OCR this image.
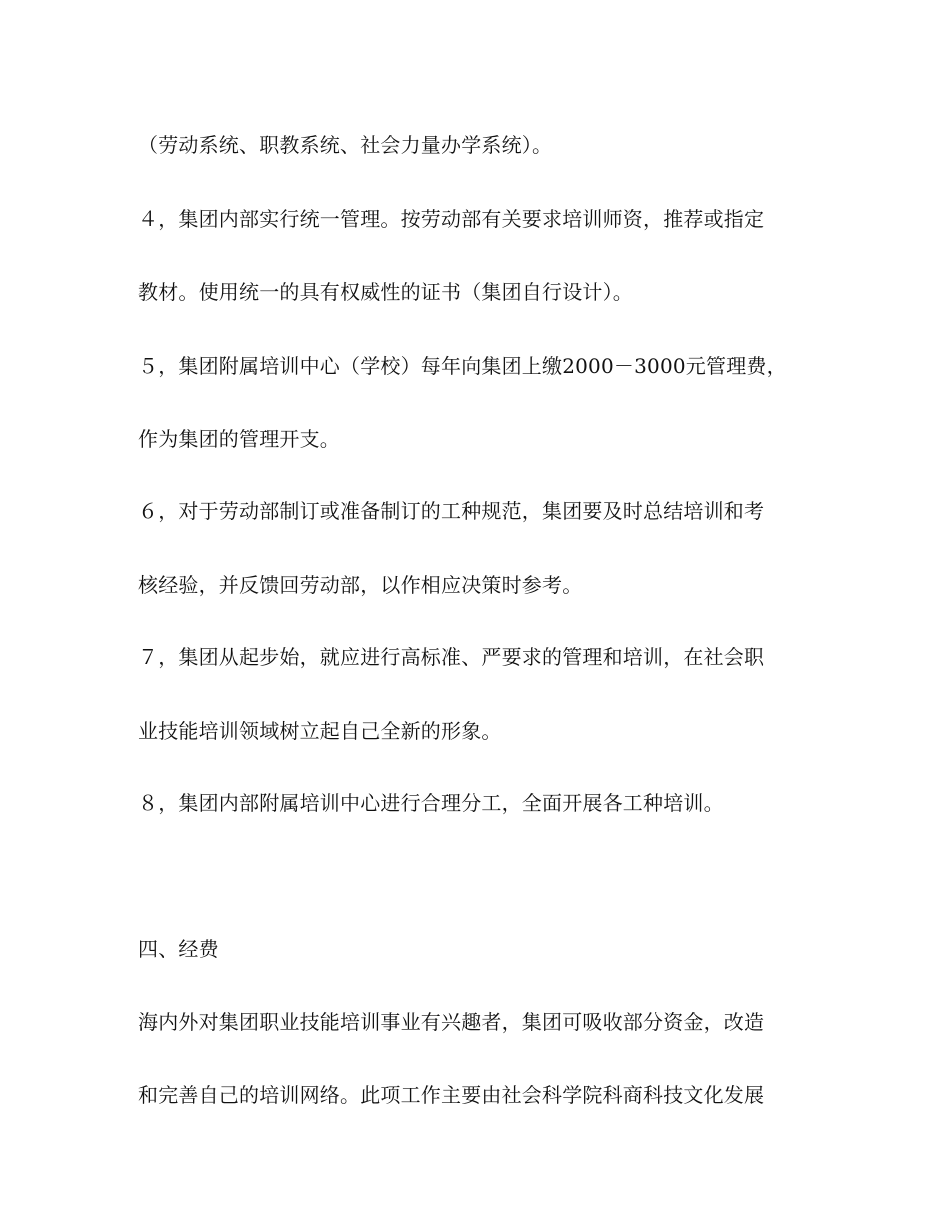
（劳动系统、职教系统、社会力量办学系统）。
４，集团内部实行统一管理。按劳动部有关要求培训师资，推荐或指定
教材。使用统一的具有权威性的证书（集团自行设计）。
５，集团附属培训中心（学校）每年向集团上缴2000－3000元管理费，
作为集团的管理开支。
６，对于劳动部制订或准备制订的工种规范，集团要及时总结培训和考
核经验，并反馈回劳动部，以作相应决策时参考。
７，集团从起步始，就应进行高标准、严要求的管理和培训，在社会职
业技能培训领域树立起自己全新的形象。
８，集团内部附属培训中心进行合理分工，全面开展各工种培训。
四、经费
海内外对集团职业技能培训事业有兴趣者，集团可吸收部分资金，改造
和完善自己的培训网络。此项工作主要由社会科学院科商科技文化发展
